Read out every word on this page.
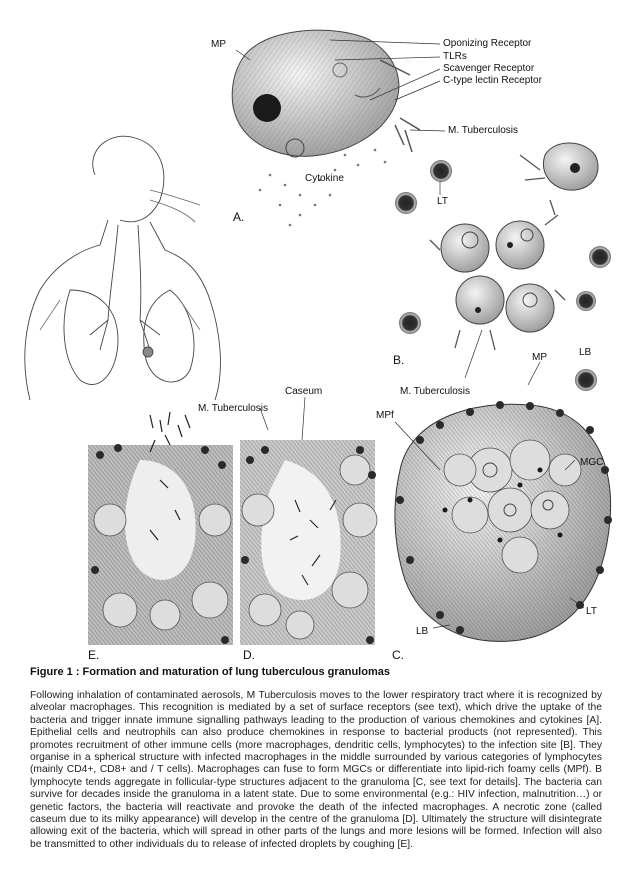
MP	Oponizing Receptor
TLRs
Scavenger Receptor
C-type lectin Receptor
M. Tuberculosis
Cytokine
LT
A.
B.	MP	LB
M. Tuberculosis
MPf
MGC
LT
LB
C.
M. Tuberculosis
Caseum
D.
E.
Figure 1 : Formation and maturation of lung tuberculous granulomas
Following inhalation of contaminated aerosols, M Tuberculosis moves to the lower respiratory tract where it is recognized by alveolar macrophages. This recognition is mediated by a set of surface receptors (see text), which drive the uptake of the bacteria and trigger innate immune signalling pathways leading to the production of various chemokines and cytokines [A]. Epithelial cells and neutrophils can also produce chemokines in response to bacterial products (not represented). This promotes recruitment of other immune cells (more macrophages, dendritic cells, lymphocytes) to the infection site [B]. They organise in a spherical structure with infected macrophages in the middle surrounded by various categories of lymphocytes (mainly CD4+, CD8+ and / T cells). Macrophages can fuse to form MGCs or differentiate into lipid-rich foamy cells (MPf). B lymphocyte tends aggregate in follicular-type structures adjacent to the granuloma [C, see text for details]. The bacteria can survive for decades inside the granuloma in a latent state. Due to some environmental (e.g.: HIV infection, malnutrition…) or genetic factors, the bacteria will reactivate and provoke the death of the infected macrophages. A necrotic zone (called caseum due to its milky appearance) will develop in the centre of the granuloma [D]. Ultimately the structure will disintegrate allowing exit of the bacteria, which will spread in other parts of the lungs and more lesions will be formed. Infection will also be transmitted to other individuals du to release of infected droplets by coughing [E].
